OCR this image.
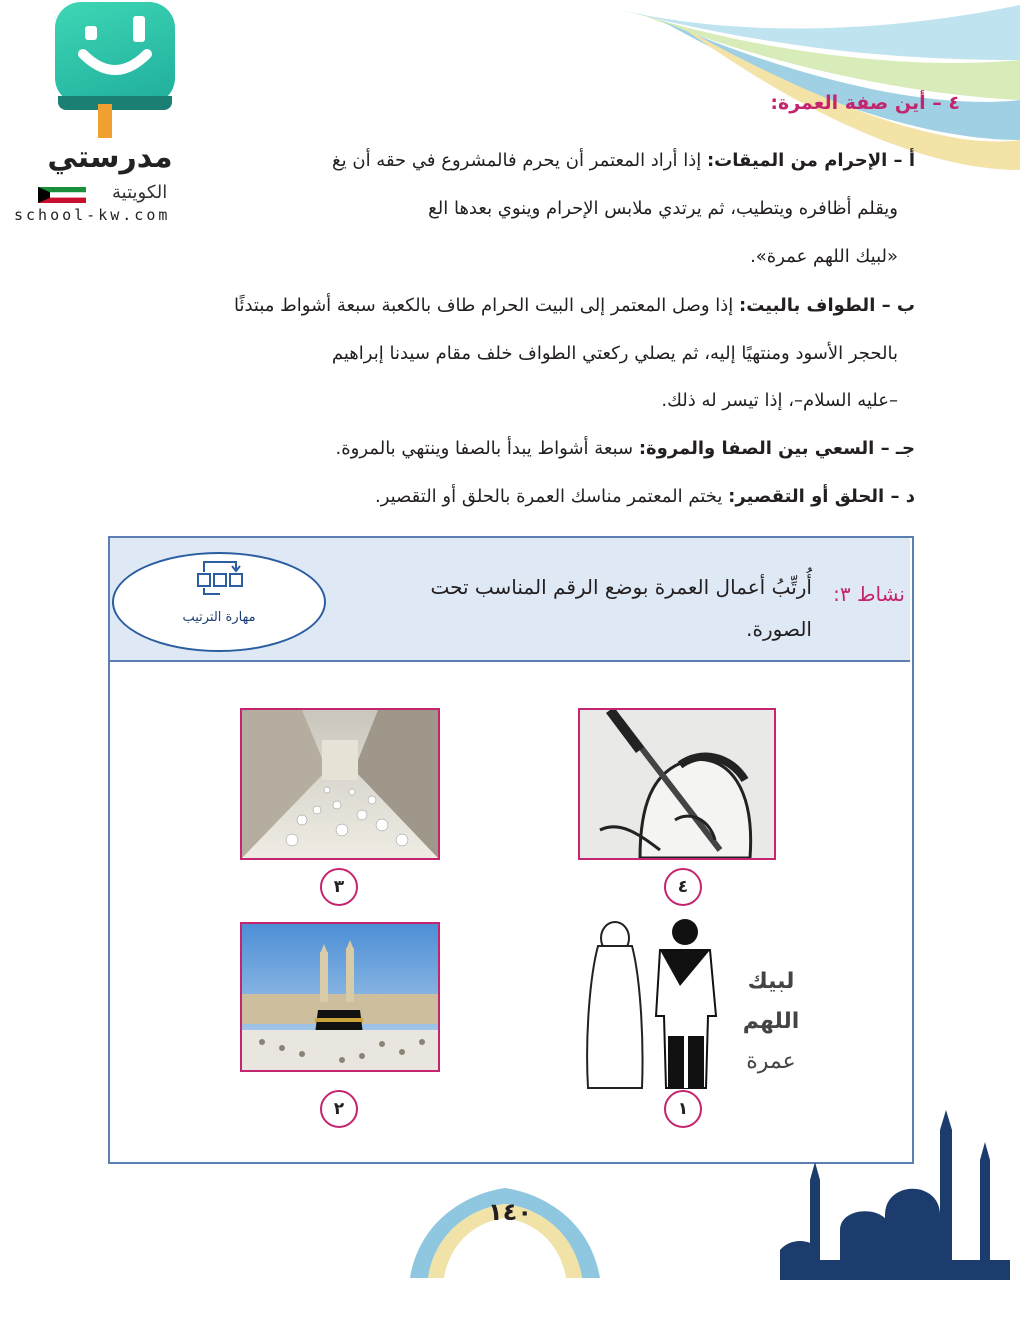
مدرستي
الكويتية
school-kw.com
٤ – أين صفة العمرة:
أ – الإحرام من الميقات: إذا أراد المعتمر أن يحرم فالمشروع في حقه أن يغ
ويقلم أظافره ويتطيب، ثم يرتدي ملابس الإحرام وينوي بعدها الع
«لبيك اللهم عمرة».
ب – الطواف بالبيت: إذا وصل المعتمر إلى البيت الحرام طاف بالكعبة سبعة أشواط مبتدئًا
بالحجر الأسود ومنتهيًا إليه، ثم يصلي ركعتي الطواف خلف مقام سيدنا إبراهيم
–عليه السلام–، إذا تيسر له ذلك.
جـ – السعي بين الصفا والمروة: سبعة أشواط يبدأ بالصفا وينتهي بالمروة.
د – الحلق أو التقصير: يختم المعتمر مناسك العمرة بالحلق أو التقصير.
نشاط ٣:
أُرتِّبُ أعمال العمرة بوضع الرقم المناسب تحت الصورة.
مهارة الترتيب
٤
٣
لبيك اللهم
عمرة
١
٢
١٤٠
